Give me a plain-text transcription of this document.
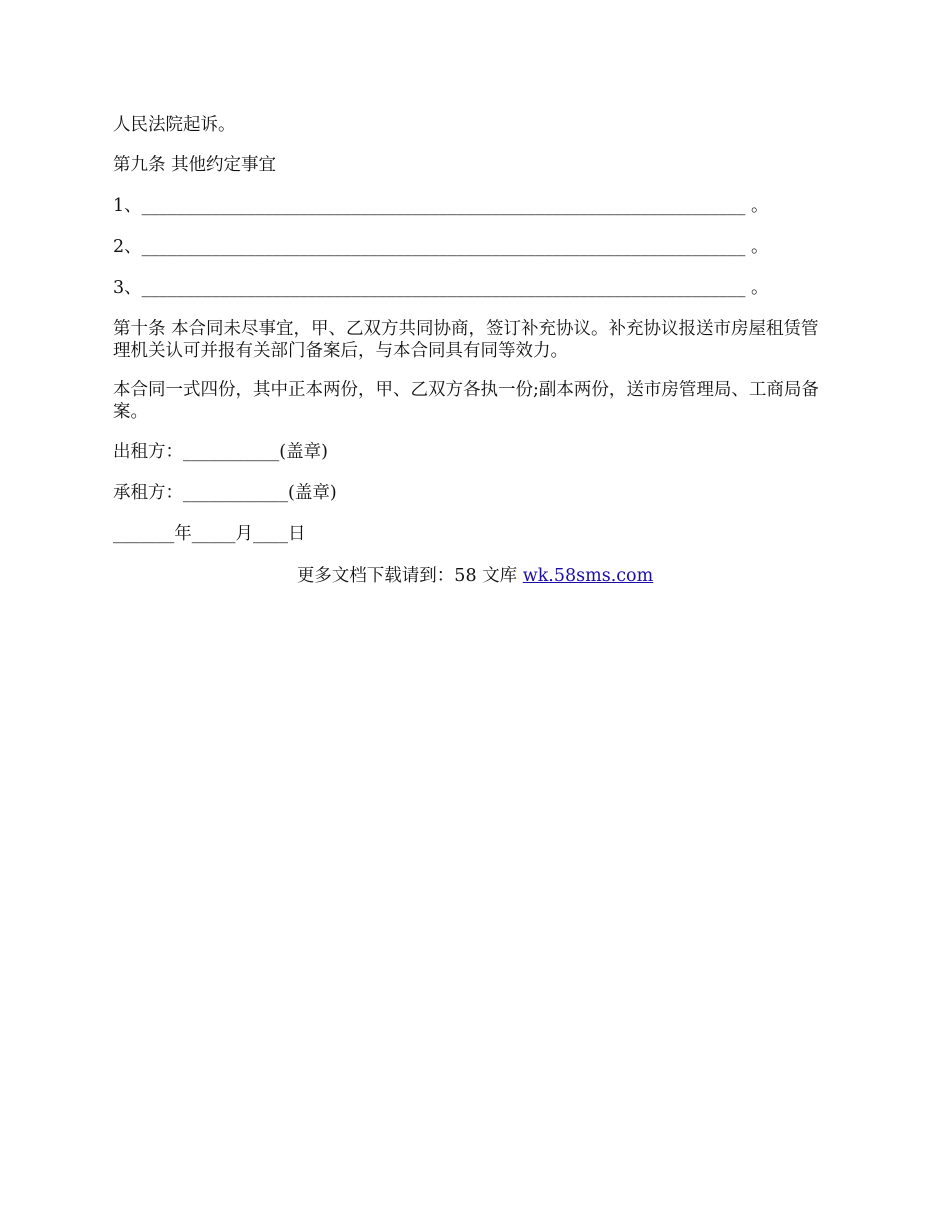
人民法院起诉。

第九条 其他约定事宜

1、_____________________________________________________________________ 。

2、_____________________________________________________________________ 。

3、_____________________________________________________________________ 。

第十条 本合同未尽事宜，甲、乙双方共同协商，签订补充协议。补充协议报送市房屋租赁管理机关认可并报有关部门备案后，与本合同具有同等效力。

本合同一式四份，其中正本两份，甲、乙双方各执一份;副本两份，送市房管理局、工商局备案。

出租方：___________(盖章)

承租方：____________(盖章)

_______年_____月____日

更多文档下载请到：58 文库 wk.58sms.com
